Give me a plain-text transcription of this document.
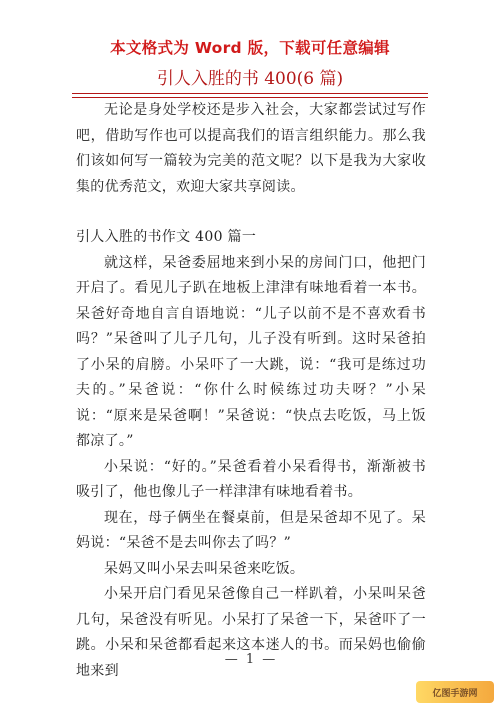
本文格式为 Word 版，下载可任意编辑
引人入胜的书 400(6 篇)

无论是身处学校还是步入社会，大家都尝试过写作吧，借助写作也可以提高我们的语言组织能力。那么我们该如何写一篇较为完美的范文呢？以下是我为大家收集的优秀范文，欢迎大家共享阅读。

引人入胜的书作文 400 篇一

就这样，呆爸委屈地来到小呆的房间门口，他把门开启了。看见儿子趴在地板上津津有味地看着一本书。呆爸好奇地自言自语地说：“儿子以前不是不喜欢看书吗？”呆爸叫了儿子几句，儿子没有听到。这时呆爸拍了小呆的肩膀。小呆吓了一大跳，说：“我可是练过功夫的。”呆爸说：“你什么时候练过功夫呀？”小呆说：“原来是呆爸啊！”呆爸说：“快点去吃饭，马上饭都凉了。”

小呆说：“好的。”呆爸看着小呆看得书，渐渐被书吸引了，他也像儿子一样津津有味地看着书。

现在，母子俩坐在餐桌前，但是呆爸却不见了。呆妈说：“呆爸不是去叫你去了吗？”

呆妈又叫小呆去叫呆爸来吃饭。

小呆开启门看见呆爸像自己一样趴着，小呆叫呆爸几句，呆爸没有听见。小呆打了呆爸一下，呆爸吓了一跳。小呆和呆爸都看起来这本迷人的书。而呆妈也偷偷地来到

— 1 —
亿图手游网
